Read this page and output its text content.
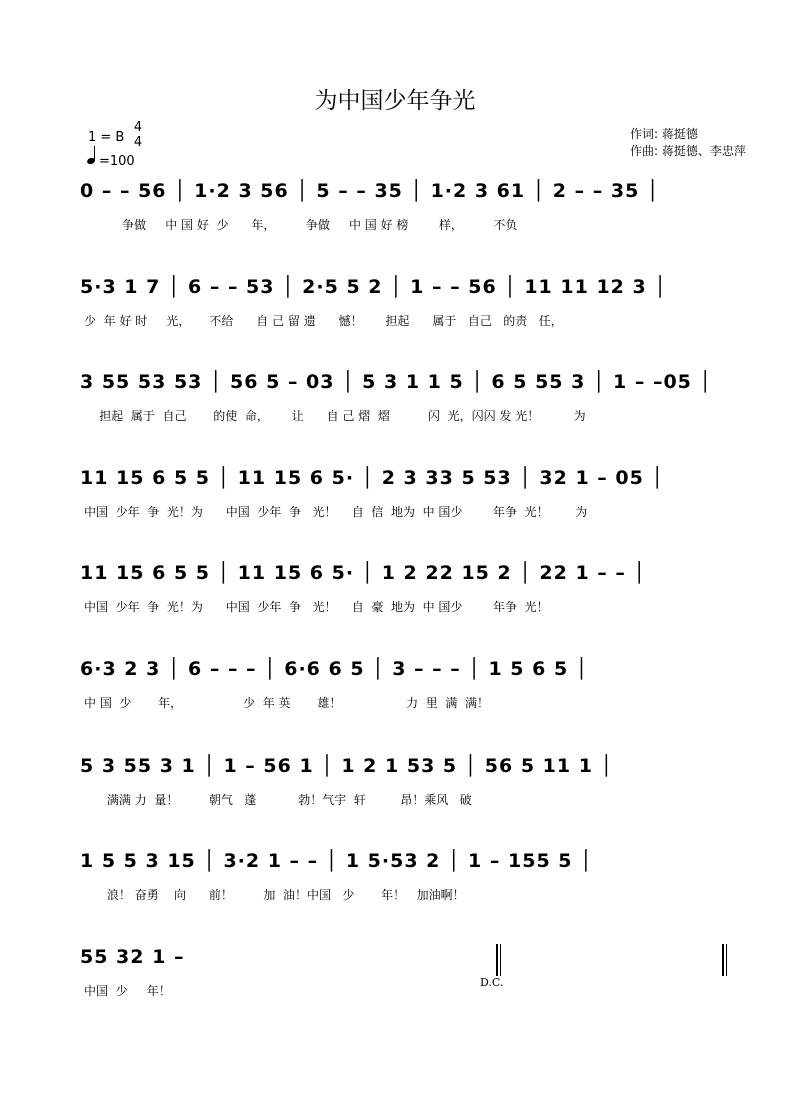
为中国少年争光
1 = B
4
4
=100
作词: 蒋挺德
作曲: 蒋挺德、李忠萍
0 – – 56 │ 1·2 3 56 │ 5 – – 35 │ 1·2 3 61 │ 2 – – 35 │
争做     中 国 好  少      年，        争做     中 国 好 榜        样，        不负
5·3 1 7 │ 6 – – 53 │ 2·5 5 2 │ 1 – – 56 │ 11 11 12 3 │
少  年 好 时     光，     不给      自 己 留 遗      憾！      担起      属于   自己   的责   任，
3 55 53 53 │ 56 5 – 03 │ 5 3 1 1 5 │ 6 5 55 3 │ 1 – –05 │
担起  属于  自己       的使  命，      让      自 己 熠  熠          闪  光，闪闪 发 光！         为
11 15 6 5 5 │ 11 15 6 5· │ 2 3 33 5 53 │ 32 1 – 05 │
中国  少年  争  光！为      中国  少年  争   光！    自  信  地为  中 国少        年争  光！       为
11 15 6 5 5 │ 11 15 6 5· │ 1 2 22 15 2 │ 22 1 – – │
中国  少年  争  光！为      中国  少年  争   光！    自  豪  地为  中 国少        年争  光！
6·3 2 3 │ 6 – – – │ 6·6 6 5 │ 3 – – – │ 1 5 6 5 │
中 国  少       年，                少  年 英       雄！                 力  里  满  满！
5 3 55 3 1 │ 1 – 56 1 │ 1 2 1 53 5 │ 56 5 11 1 │
满满 力  量！        朝气   蓬           勃！气宇  轩         昂！乘风   破
1 5 5 3 15 │ 3·2 1 – – │ 1 5·53 2 │ 1 – 155 5 │
浪！ 奋勇    向      前！        加  油！中国   少       年！   加油啊！
55 32 1 –
中国  少     年！
D.C.
